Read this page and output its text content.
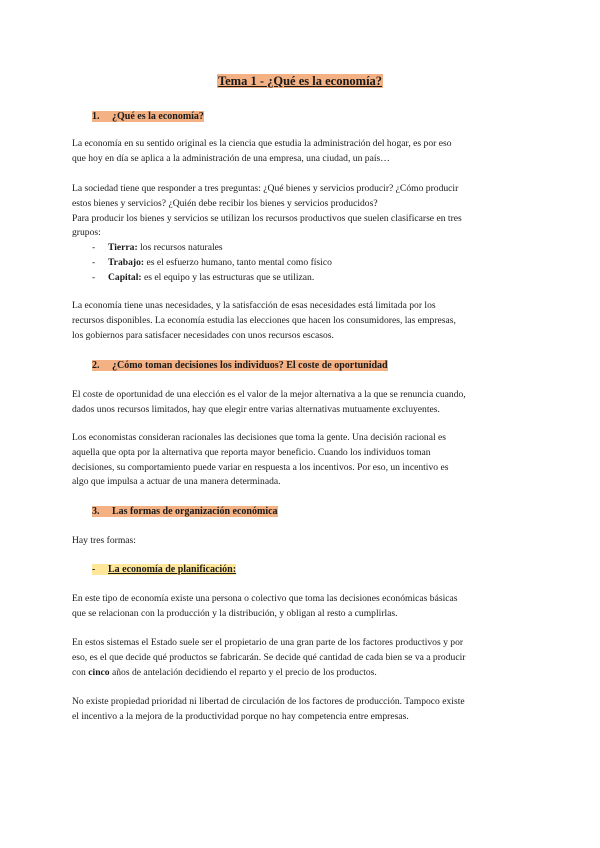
Tema 1 - ¿Qué es la economía?
1. ¿Qué es la economía?

La economía en su sentido original es la ciencia que estudia la administración del hogar, es por eso

que hoy en día se aplica a la administración de una empresa, una ciudad, un país…

La sociedad tiene que responder a tres preguntas: ¿Qué bienes y servicios producir? ¿Cómo producir

estos bienes y servicios? ¿Quién debe recibir los bienes y servicios producidos?

Para producir los bienes y servicios se utilizan los recursos productivos que suelen clasificarse en tres

grupos:

- Tierra: los recursos naturales
- Trabajo: es el esfuerzo humano, tanto mental como físico
- Capital: es el equipo y las estructuras que se utilizan.

La economía tiene unas necesidades, y la satisfacción de esas necesidades está limitada por los

recursos disponibles. La economía estudia las elecciones que hacen los consumidores, las empresas,

los gobiernos para satisfacer necesidades con unos recursos escasos.

2. ¿Cómo toman decisiones los individuos? El coste de oportunidad

El coste de oportunidad de una elección es el valor de la mejor alternativa a la que se renuncia cuando,

dados unos recursos limitados, hay que elegir entre varias alternativas mutuamente excluyentes.

Los economistas consideran racionales las decisiones que toma la gente. Una decisión racional es

aquella que opta por la alternativa que reporta mayor beneficio. Cuando los individuos toman

decisiones, su comportamiento puede variar en respuesta a los incentivos. Por eso, un incentivo es

algo que impulsa a actuar de una manera determinada.

3. Las formas de organización económica

Hay tres formas:

- La economía de planificación:

En este tipo de economía existe una persona o colectivo que toma las decisiones económicas básicas

que se relacionan con la producción y la distribución, y obligan al resto a cumplirlas.

En estos sistemas el Estado suele ser el propietario de una gran parte de los factores productivos y por

eso, es el que decide qué productos se fabricarán. Se decide qué cantidad de cada bien se va a producir

con cinco años de antelación decidiendo el reparto y el precio de los productos.

No existe propiedad prioridad ni libertad de circulación de los factores de producción. Tampoco existe

el incentivo a la mejora de la productividad porque no hay competencia entre empresas.
